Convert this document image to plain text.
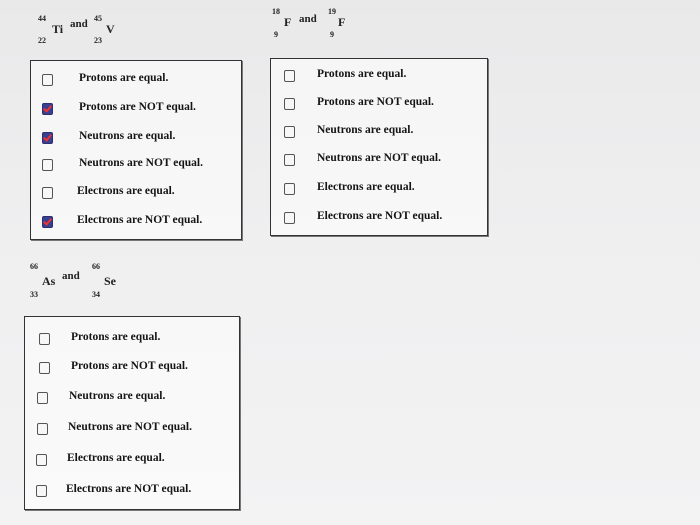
44
Ti
22
and 45
V
23
18
F
9
and
19
F
9
Protons are equal.
Protons are NOT equal.
Neutrons are equal.
Neutrons are NOT equal.
Electrons are equal.
Electrons are NOT equal.
Protons are equal.
Protons are NOT equal.
Neutrons are equal.
Neutrons are NOT equal.
Electrons are equal.
Electrons are NOT equal.
66
As
33
and
66
Se
34
Protons are equal.
Protons are NOT equal.
Neutrons are equal.
Neutrons are NOT equal.
Electrons are equal.
Electrons are NOT equal.
